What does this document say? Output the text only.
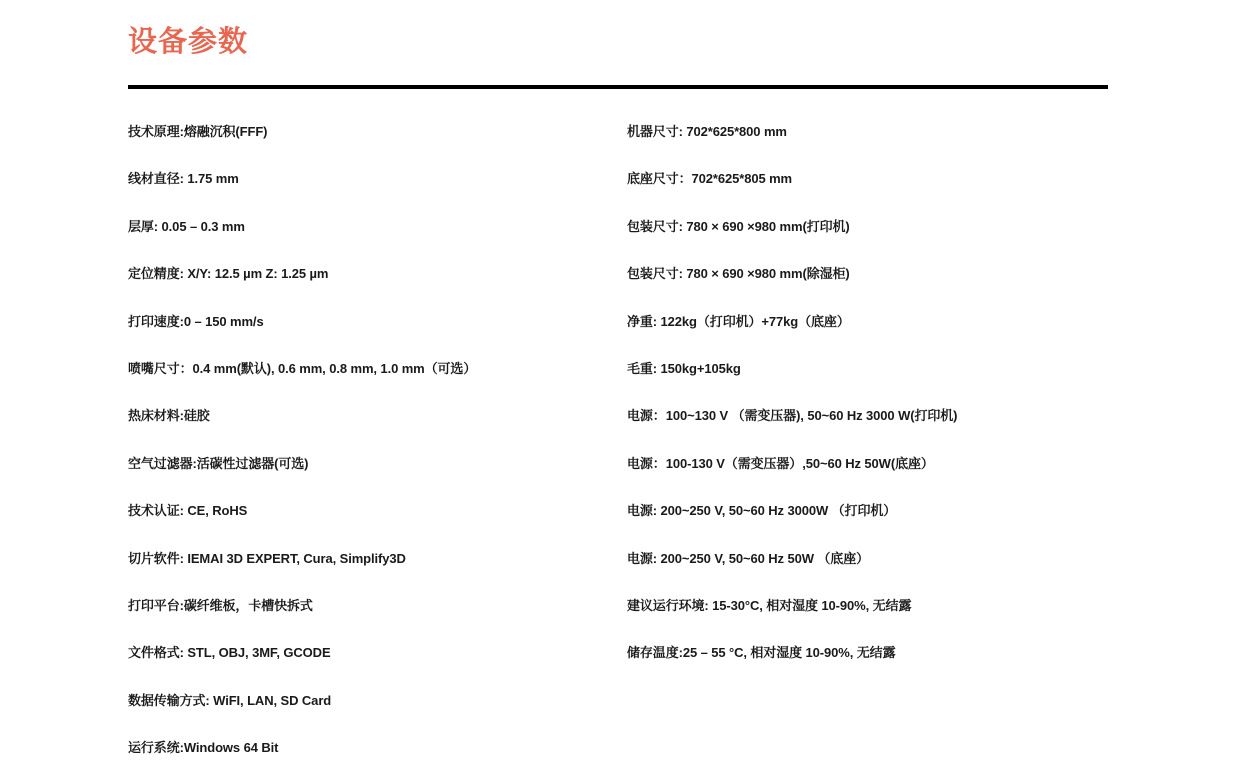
设备参数
技术原理:熔融沉积(FFF)
线材直径: 1.75 mm
层厚: 0.05 – 0.3 mm
定位精度: X/Y: 12.5 µm Z: 1.25 µm
打印速度:0 – 150 mm/s
喷嘴尺寸：0.4 mm(默认), 0.6 mm, 0.8 mm, 1.0 mm（可选）
热床材料:硅胶
空气过滤器:活碳性过滤器(可选)
技术认证: CE, RoHS
切片软件: IEMAI 3D EXPERT, Cura, Simplify3D
打印平台:碳纤维板，卡槽快拆式
文件格式: STL, OBJ, 3MF, GCODE
数据传输方式: WiFI, LAN, SD Card
运行系统:Windows 64 Bit
机器尺寸: 702*625*800 mm
底座尺寸：702*625*805 mm
包装尺寸: 780 × 690 ×980 mm(打印机)
包装尺寸: 780 × 690 ×980 mm(除湿柜)
净重: 122kg（打印机）+77kg（底座）
毛重: 150kg+105kg
电源：100~130 V （需变压器), 50~60 Hz 3000 W(打印机)
电源：100-130 V（需变压器）,50~60 Hz 50W(底座）
电源: 200~250 V, 50~60 Hz 3000W （打印机）
电源: 200~250 V, 50~60 Hz 50W （底座）
建议运行环境: 15-30°C, 相对湿度 10-90%, 无结露
储存温度:25 – 55 °C, 相对湿度 10-90%, 无结露
